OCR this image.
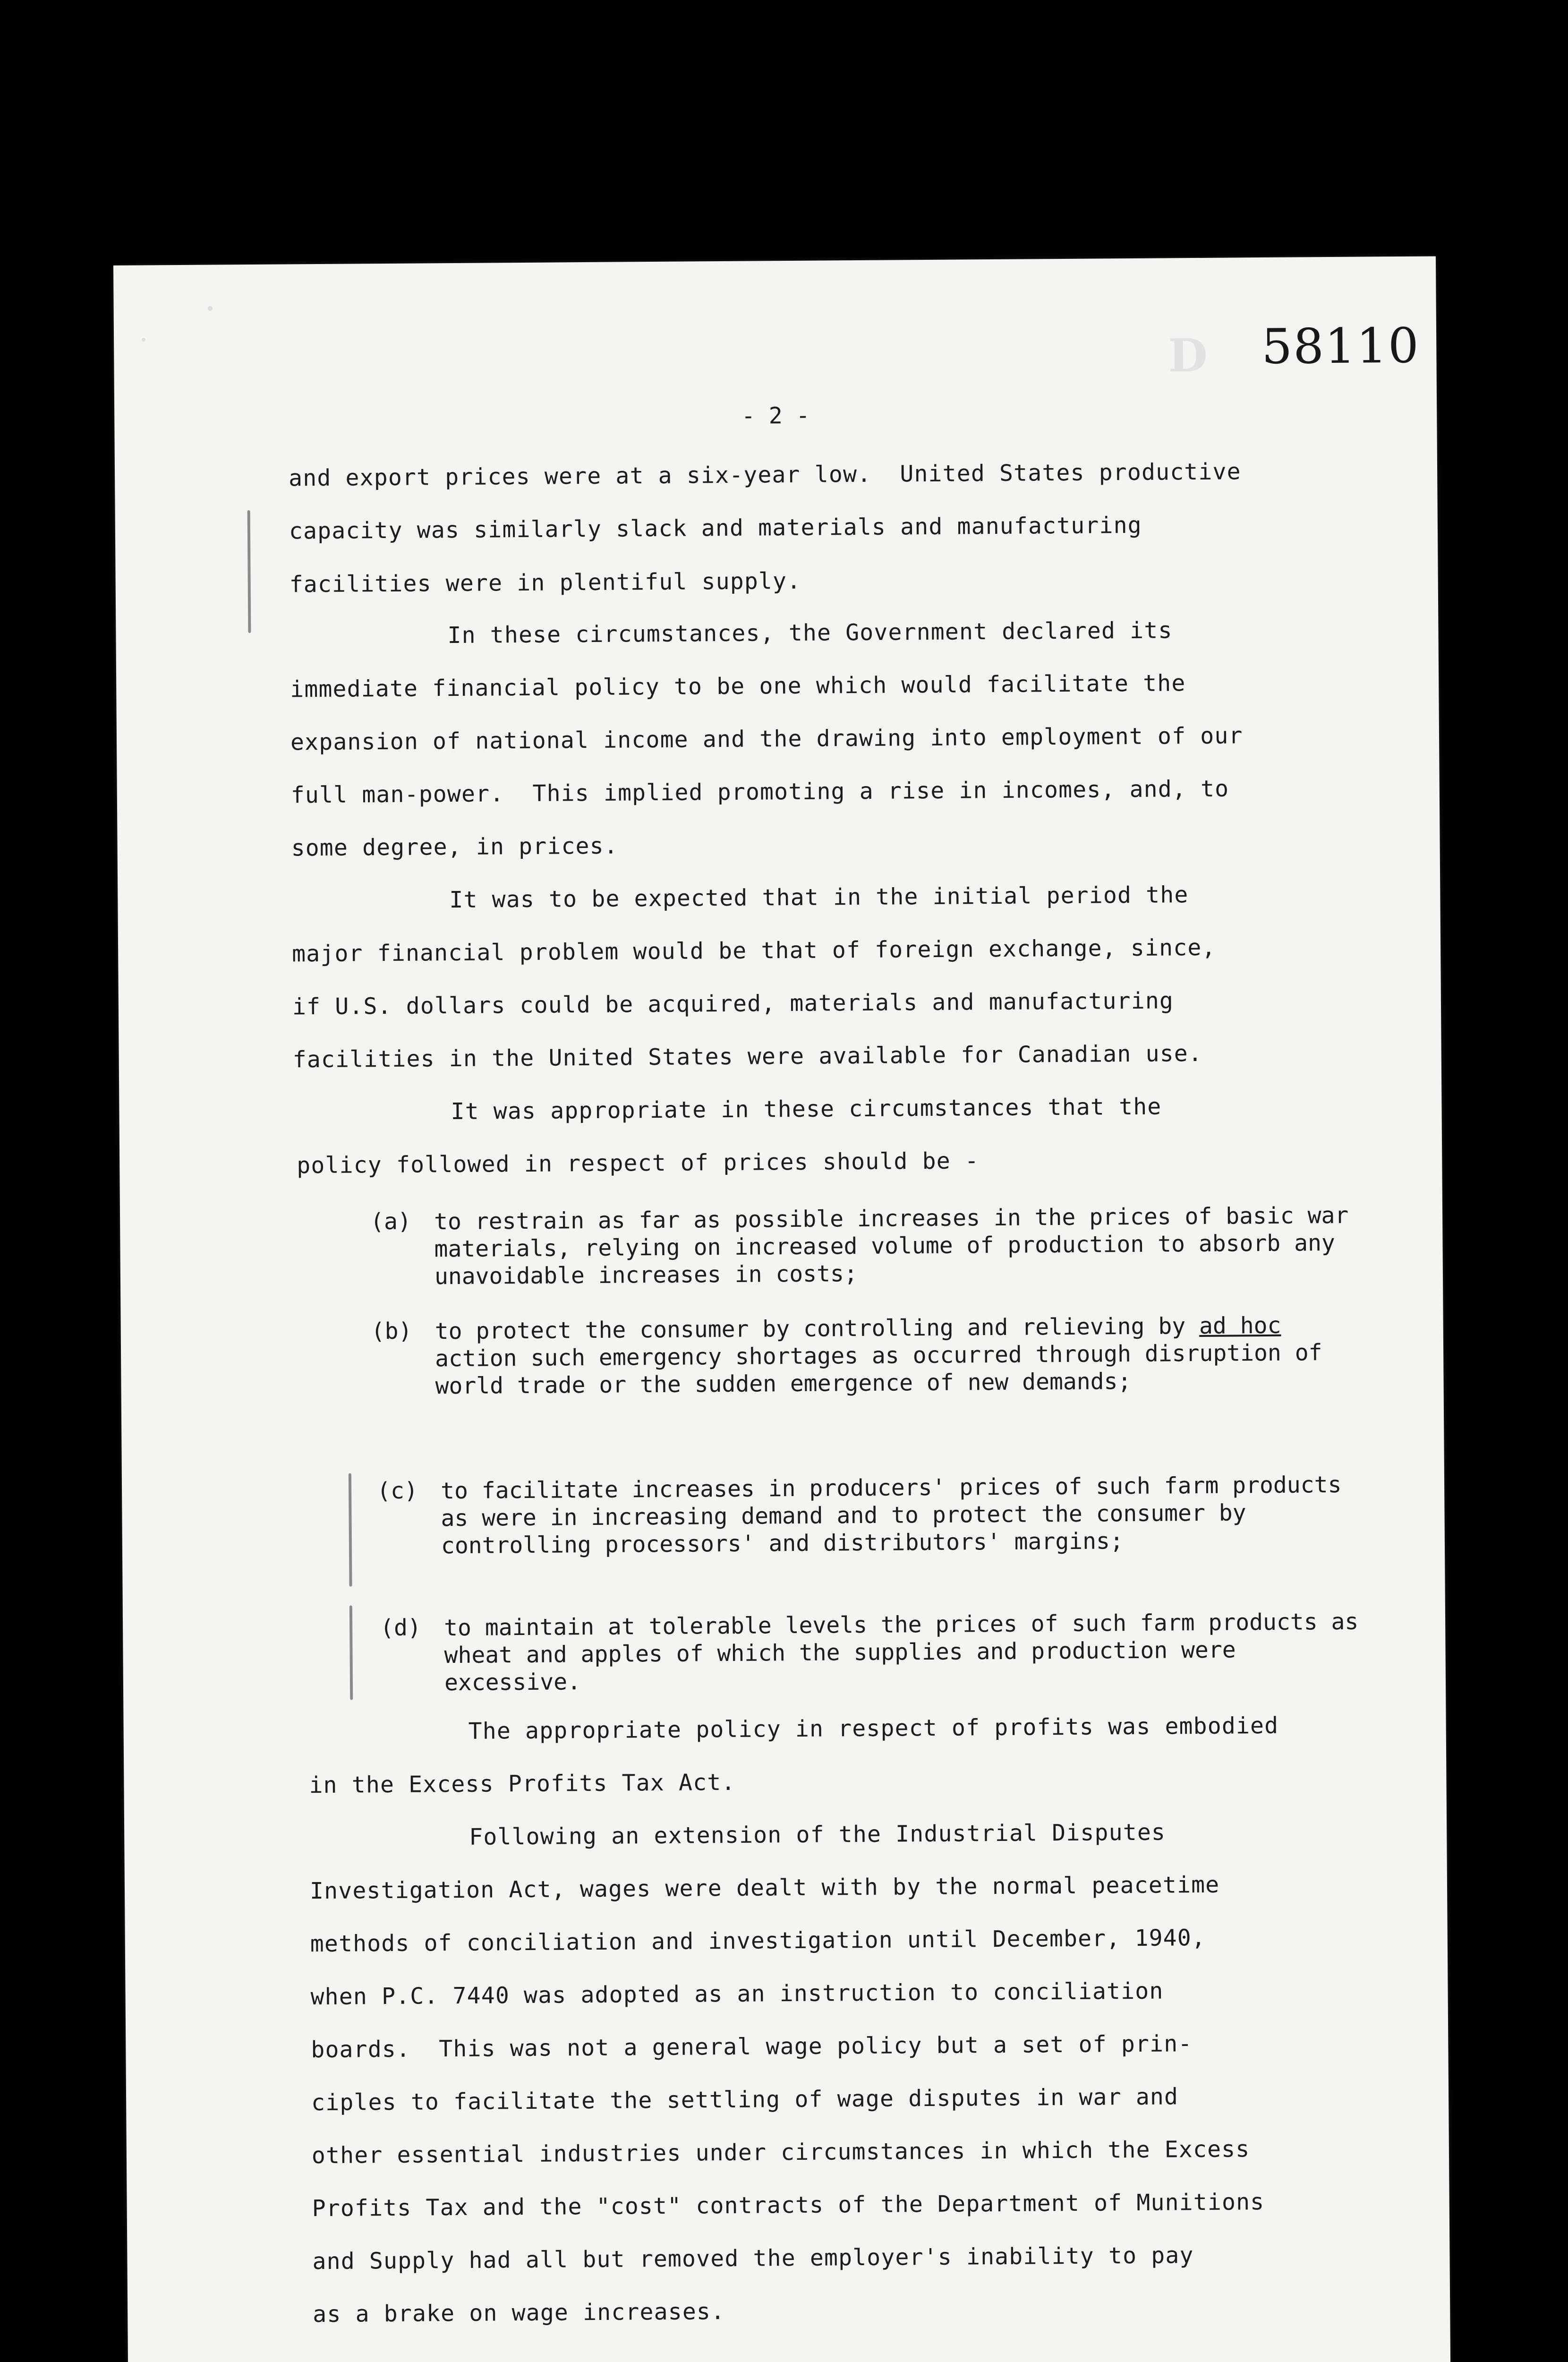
D 58110
- 2 -
and export prices were at a six-year low.  United States productive
capacity was similarly slack and materials and manufacturing
facilities were in plentiful supply.
In these circumstances, the Government declared its
immediate financial policy to be one which would facilitate the
expansion of national income and the drawing into employment of our
full man-power.  This implied promoting a rise in incomes, and, to
some degree, in prices.
It was to be expected that in the initial period the
major financial problem would be that of foreign exchange, since,
if U.S. dollars could be acquired, materials and manufacturing
facilities in the United States were available for Canadian use.
It was appropriate in these circumstances that the
policy followed in respect of prices should be -
(a) to restrain as far as possible increases in the prices of basic war materials, relying on increased volume of production to absorb any unavoidable increases in costs;
(b) to protect the consumer by controlling and relieving by ad hoc action such emergency shortages as occurred through disruption of world trade or the sudden emergence of new demands;
(c) to facilitate increases in producers' prices of such farm products as were in increasing demand and to protect the consumer by controlling processors' and distributors' margins;
(d) to maintain at tolerable levels the prices of such farm products as wheat and apples of which the supplies and production were excessive.
The appropriate policy in respect of profits was embodied
in the Excess Profits Tax Act.
Following an extension of the Industrial Disputes
Investigation Act, wages were dealt with by the normal peacetime
methods of conciliation and investigation until December, 1940,
when P.C. 7440 was adopted as an instruction to conciliation
boards.  This was not a general wage policy but a set of prin-
ciples to facilitate the settling of wage disputes in war and
other essential industries under circumstances in which the Excess
Profits Tax and the "cost" contracts of the Department of Munitions
and Supply had all but removed the employer's inability to pay
as a brake on wage increases.
